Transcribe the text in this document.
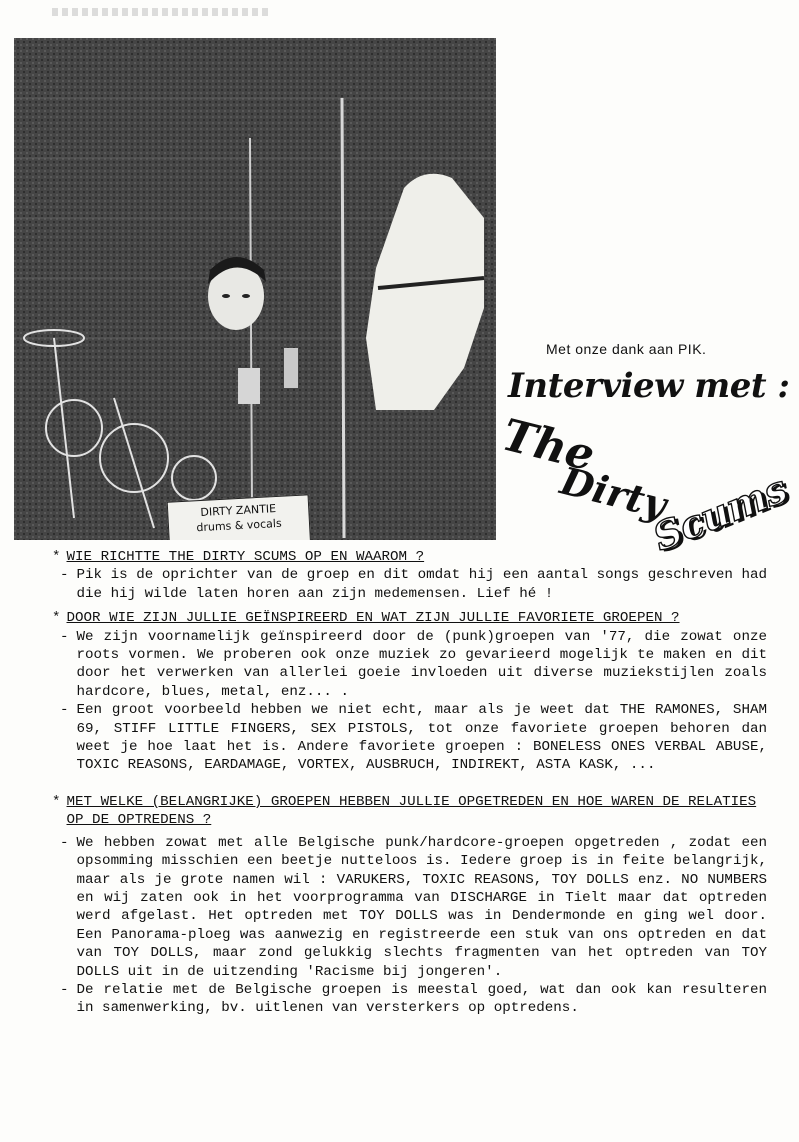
DIRTY ZANTIE
drums & vocals
Met onze dank aan PIK.
Interview met :
The
Dirty
Scums
* WIE RICHTTE THE DIRTY SCUMS OP EN WAAROM ?
- Pik is de oprichter van de groep en dit omdat hij een aantal songs geschreven had die hij wilde laten horen aan zijn medemensen. Lief hé !
* DOOR WIE ZIJN JULLIE GEÏNSPIREERD EN WAT ZIJN JULLIE FAVORIETE GROEPEN ?
- We zijn voornamelijk geïnspireerd door de (punk)groepen van '77, die zowat onze roots vormen. We proberen ook onze muziek zo gevarieerd mogelijk te maken en dit door het verwerken van allerlei goeie invloeden uit diverse muziekstijlen zoals hardcore, blues, metal, enz... .
- Een groot voorbeeld hebben we niet echt, maar als je weet dat THE RAMONES, SHAM 69, STIFF LITTLE FINGERS, SEX PISTOLS, tot onze favoriete groepen behoren dan weet je hoe laat het is. Andere favoriete groepen : BONELESS ONES VERBAL ABUSE, TOXIC REASONS, EARDAMAGE, VORTEX, AUSBRUCH, INDIREKT, ASTA KASK, ...
* MET WELKE (BELANGRIJKE) GROEPEN HEBBEN JULLIE OPGETREDEN EN HOE WAREN DE RELATIES OP DE OPTREDENS ?
- We hebben zowat met alle Belgische punk/hardcore-groepen opgetreden , zodat een opsomming misschien een beetje nutteloos is. Iedere groep is in feite belangrijk, maar als je grote namen wil : VARUKERS, TOXIC REASONS, TOY DOLLS enz. NO NUMBERS en wij zaten ook in het voorprogramma van DISCHARGE in Tielt maar dat optreden werd afgelast. Het optreden met TOY DOLLS was in Dendermonde en ging wel door. Een Panorama-ploeg was aanwezig en registreerde een stuk van ons optreden en dat van TOY DOLLS, maar zond gelukkig slechts fragmenten van het optreden van TOY DOLLS uit in de uitzending 'Racisme bij jongeren'.
- De relatie met de Belgische groepen is meestal goed, wat dan ook kan resulteren in samenwerking, bv. uitlenen van versterkers op optredens.
